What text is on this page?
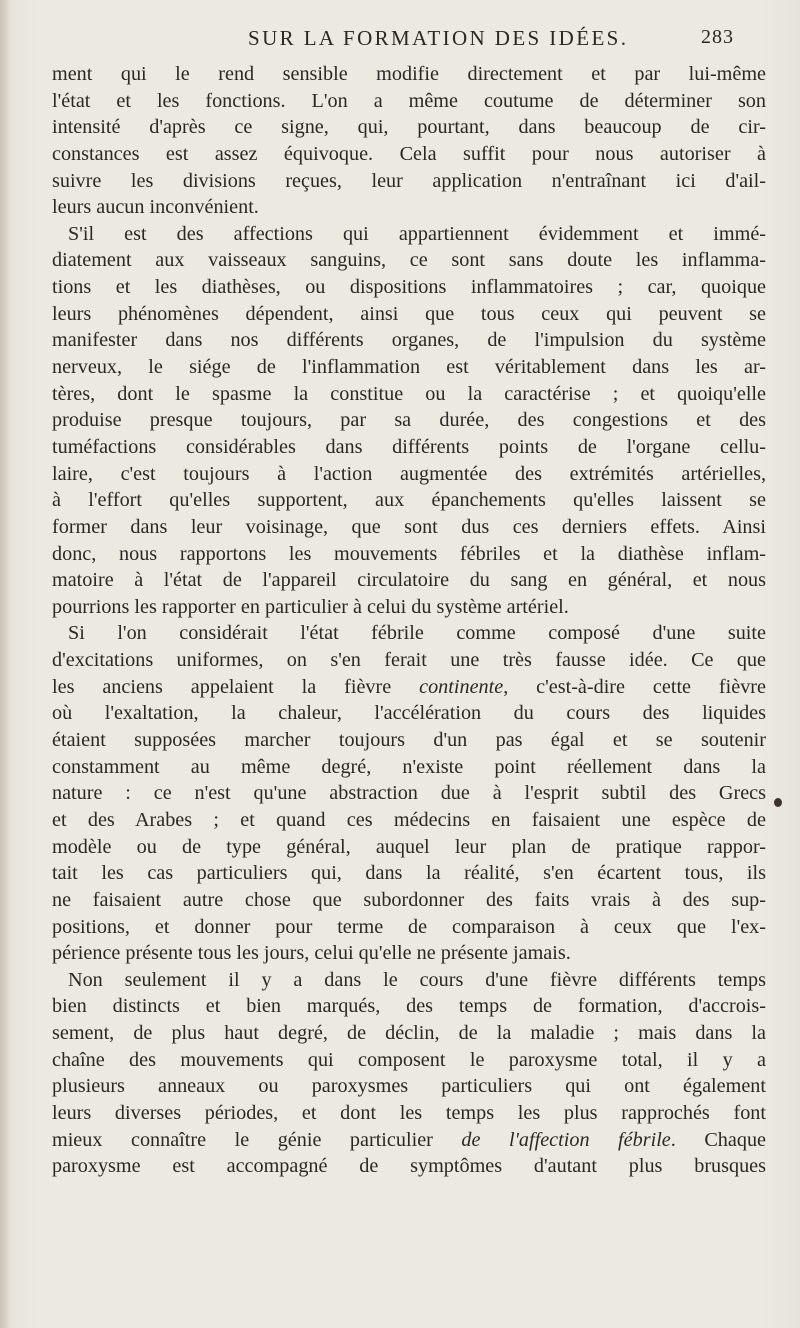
SUR LA FORMATION DES IDÉES.	283
ment qui le rend sensible modifie directement et par lui-même
l'état et les fonctions. L'on a même coutume de déterminer son
intensité d'après ce signe, qui, pourtant, dans beaucoup de cir-
constances est assez équivoque. Cela suffit pour nous autoriser à
suivre les divisions reçues, leur application n'entraînant ici d'ail-
leurs aucun inconvénient.
S'il est des affections qui appartiennent évidemment et immé-
diatement aux vaisseaux sanguins, ce sont sans doute les inflamma-
tions et les diathèses, ou dispositions inflammatoires ; car, quoique
leurs phénomènes dépendent, ainsi que tous ceux qui peuvent se
manifester dans nos différents organes, de l'impulsion du système
nerveux, le siége de l'inflammation est véritablement dans les ar-
tères, dont le spasme la constitue ou la caractérise ; et quoiqu'elle
produise presque toujours, par sa durée, des congestions et des
tuméfactions considérables dans différents points de l'organe cellu-
laire, c'est toujours à l'action augmentée des extrémités artérielles,
à l'effort qu'elles supportent, aux épanchements qu'elles laissent se
former dans leur voisinage, que sont dus ces derniers effets. Ainsi
donc, nous rapportons les mouvements fébriles et la diathèse inflam-
matoire à l'état de l'appareil circulatoire du sang en général, et nous
pourrions les rapporter en particulier à celui du système artériel.
Si l'on considérait l'état fébrile comme composé d'une suite
d'excitations uniformes, on s'en ferait une très fausse idée. Ce que
les anciens appelaient la fièvre continente, c'est-à-dire cette fièvre
où l'exaltation, la chaleur, l'accélération du cours des liquides
étaient supposées marcher toujours d'un pas égal et se soutenir
constamment au même degré, n'existe point réellement dans la
nature : ce n'est qu'une abstraction due à l'esprit subtil des Grecs
et des Arabes ; et quand ces médecins en faisaient une espèce de
modèle ou de type général, auquel leur plan de pratique rappor-
tait les cas particuliers qui, dans la réalité, s'en écartent tous, ils
ne faisaient autre chose que subordonner des faits vrais à des sup-
positions, et donner pour terme de comparaison à ceux que l'ex-
périence présente tous les jours, celui qu'elle ne présente jamais.
Non seulement il y a dans le cours d'une fièvre différents temps
bien distincts et bien marqués, des temps de formation, d'accrois-
sement, de plus haut degré, de déclin, de la maladie ; mais dans la
chaîne des mouvements qui composent le paroxysme total, il y a
plusieurs anneaux ou paroxysmes particuliers qui ont également
leurs diverses périodes, et dont les temps les plus rapprochés font
mieux connaître le génie particulier de l'affection fébrile. Chaque
paroxysme est accompagné de symptômes d'autant plus brusques
